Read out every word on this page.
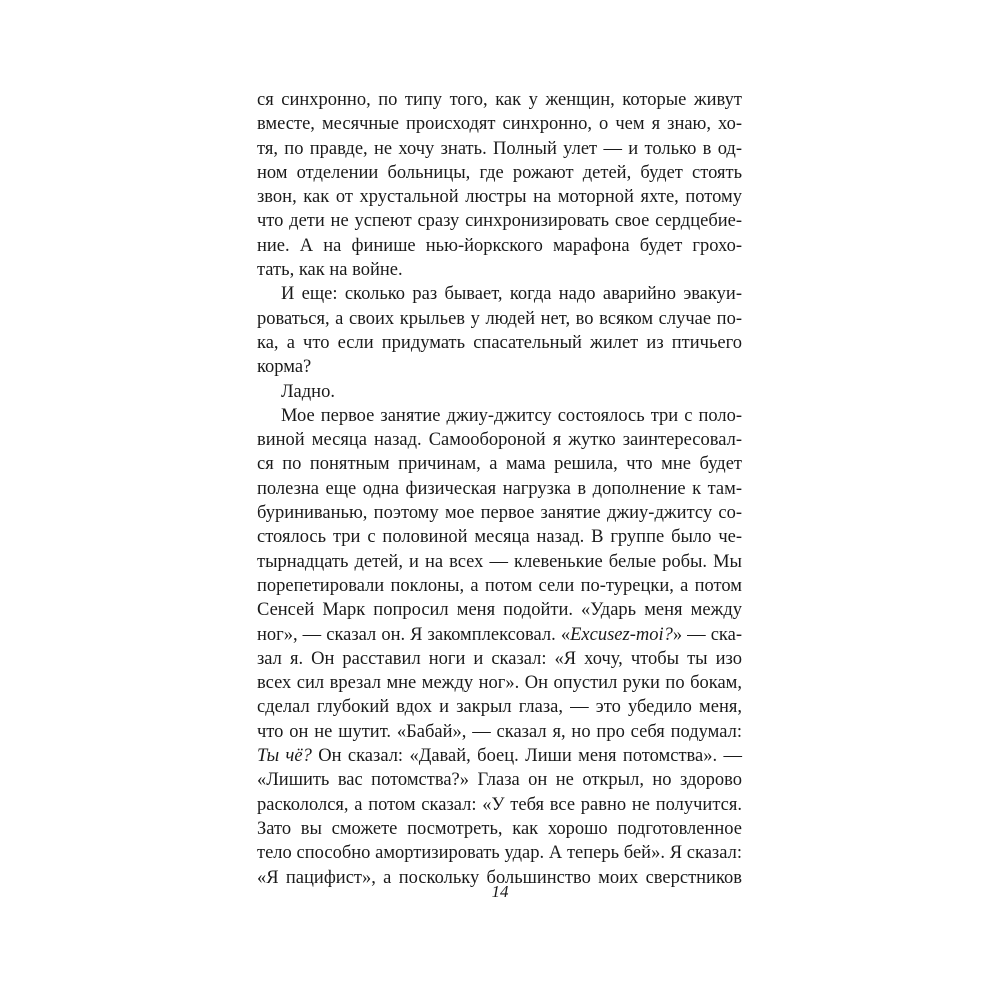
ся синхронно, по типу того, как у женщин, которые живут
вместе, месячные происходят синхронно, о чем я знаю, хо-
тя, по правде, не хочу знать. Полный улет — и только в од-
ном отделении больницы, где рожают детей, будет стоять
звон, как от хрустальной люстры на моторной яхте, потому
что дети не успеют сразу синхронизировать свое сердцебие-
ние. А на финише нью-йоркского марафона будет грохо-
тать, как на войне.
И еще: сколько раз бывает, когда надо аварийно эвакуи-
роваться, а своих крыльев у людей нет, во всяком случае по-
ка, а что если придумать спасательный жилет из птичьего
корма?
Ладно.
Мое первое занятие джиу-джитсу состоялось три с поло-
виной месяца назад. Самообороной я жутко заинтересовал-
ся по понятным причинам, а мама решила, что мне будет
полезна еще одна физическая нагрузка в дополнение к там-
буриниванью, поэтому мое первое занятие джиу-джитсу со-
стоялось три с половиной месяца назад. В группе было че-
тырнадцать детей, и на всех — клевенькие белые робы. Мы
порепетировали поклоны, а потом сели по-турецки, а потом
Сенсей Марк попросил меня подойти. «Ударь меня между
ног», — сказал он. Я закомплексовал. «Excusez-moi?» — ска-
зал я. Он расставил ноги и сказал: «Я хочу, чтобы ты изо
всех сил врезал мне между ног». Он опустил руки по бокам,
сделал глубокий вдох и закрыл глаза, — это убедило меня,
что он не шутит. «Бабай», — сказал я, но про себя подумал:
Ты чё? Он сказал: «Давай, боец. Лиши меня потомства». —
«Лишить вас потомства?» Глаза он не открыл, но здорово
раскололся, а потом сказал: «У тебя все равно не получится.
Зато вы сможете посмотреть, как хорошо подготовленное
тело способно амортизировать удар. А теперь бей». Я сказал:
«Я пацифист», а поскольку большинство моих сверстников
14
